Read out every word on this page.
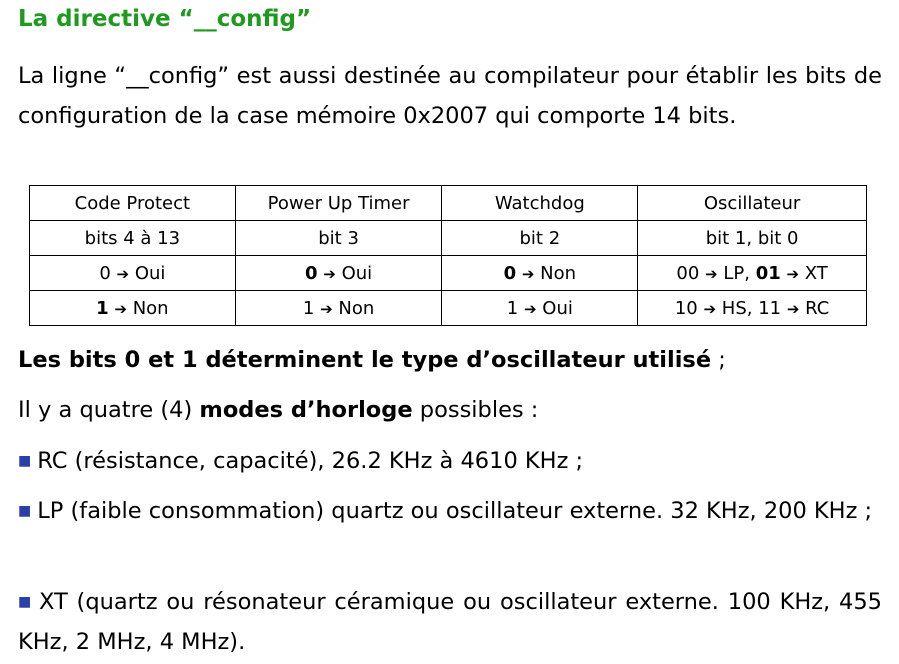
La directive “__config”

La ligne “__config” est aussi destinée au compilateur pour établir les bits de configuration de la case mémoire 0x2007 qui comporte 14 bits.

Code Protect	Power Up Timer	Watchdog	Oscillateur
bits 4 à 13	bit 3	bit 2	bit 1, bit 0
0 ➔ Oui	0 ➔ Oui	0 ➔ Non	00 ➔ LP, 01 ➔ XT
1 ➔ Non	1 ➔ Non	1 ➔ Oui	10 ➔ HS, 11 ➔ RC

Les bits 0 et 1 déterminent le type d’oscillateur utilisé ;

Il y a quatre (4) modes d’horloge possibles :

■ RC (résistance, capacité), 26.2 KHz à 4610 KHz ;

■ LP (faible consommation) quartz ou oscillateur externe. 32 KHz, 200 KHz ;

■ XT (quartz ou résonateur céramique ou oscillateur externe. 100 KHz, 455 KHz, 2 MHz, 4 MHz).
